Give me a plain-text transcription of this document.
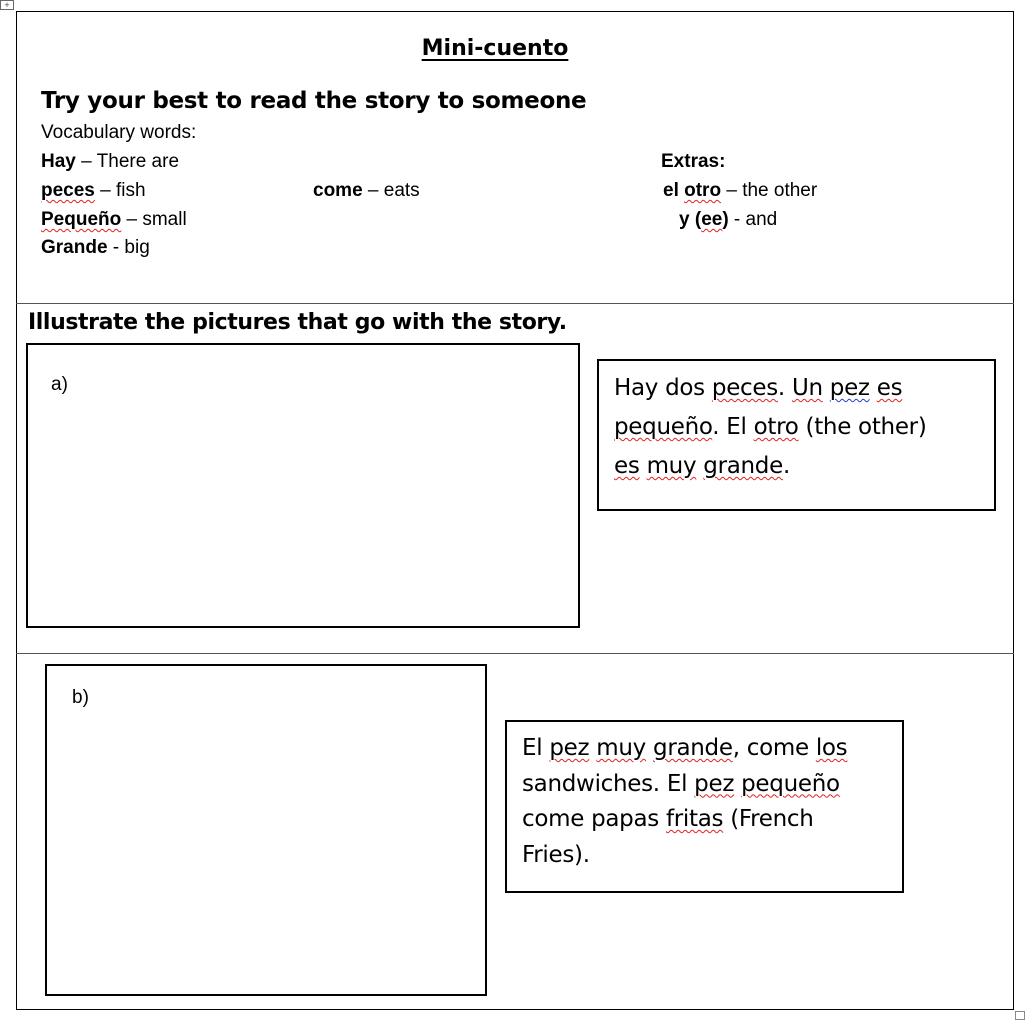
+
Mini-cuento
Try your best to read the story to someone
Vocabulary words:
Hay – There are
peces – fish
Pequeño – small
Grande - big
come – eats
Extras:
el otro – the other
y (ee) - and
Illustrate the pictures that go with the story.
a)	Hay dos peces. Un pez es
pequeño. El otro (the other)
es muy grande.
b)
El pez muy grande, come los
sandwiches. El pez pequeño
come papas fritas (French
Fries).
